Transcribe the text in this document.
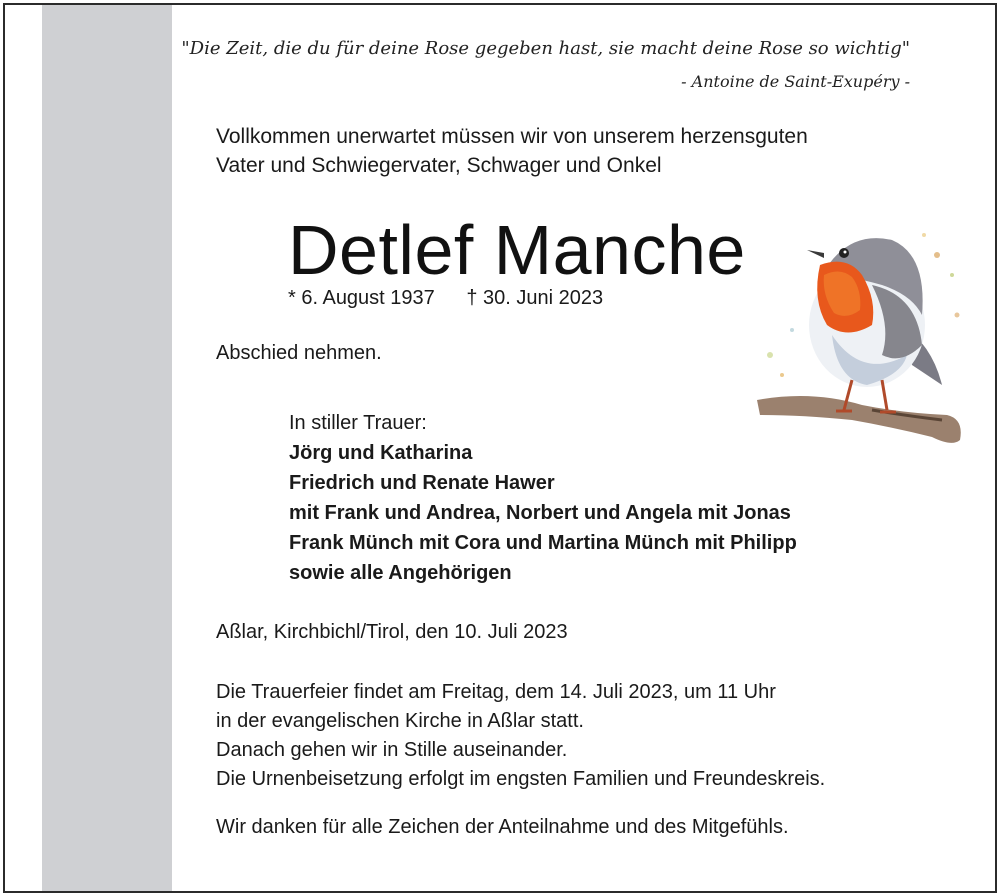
"Die Zeit, die du für deine Rose gegeben hast, sie macht deine Rose so wichtig"
- Antoine de Saint-Exupéry -
Vollkommen unerwartet müssen wir von unserem herzensguten
Vater und Schwiegervater, Schwager und Onkel
Detlef Manche
* 6. August 1937 † 30. Juni 2023
Abschied nehmen.
In stiller Trauer:
Jörg und Katharina
Friedrich und Renate Hawer
mit Frank und Andrea, Norbert und Angela mit Jonas
Frank Münch mit Cora und Martina Münch mit Philipp
sowie alle Angehörigen
Aßlar, Kirchbichl/Tirol, den 10. Juli 2023
Die Trauerfeier findet am Freitag, dem 14. Juli 2023, um 11 Uhr
in der evangelischen Kirche in Aßlar statt.
Danach gehen wir in Stille auseinander.
Die Urnenbeisetzung erfolgt im engsten Familien und Freundeskreis.
Wir danken für alle Zeichen der Anteilnahme und des Mitgefühls.
